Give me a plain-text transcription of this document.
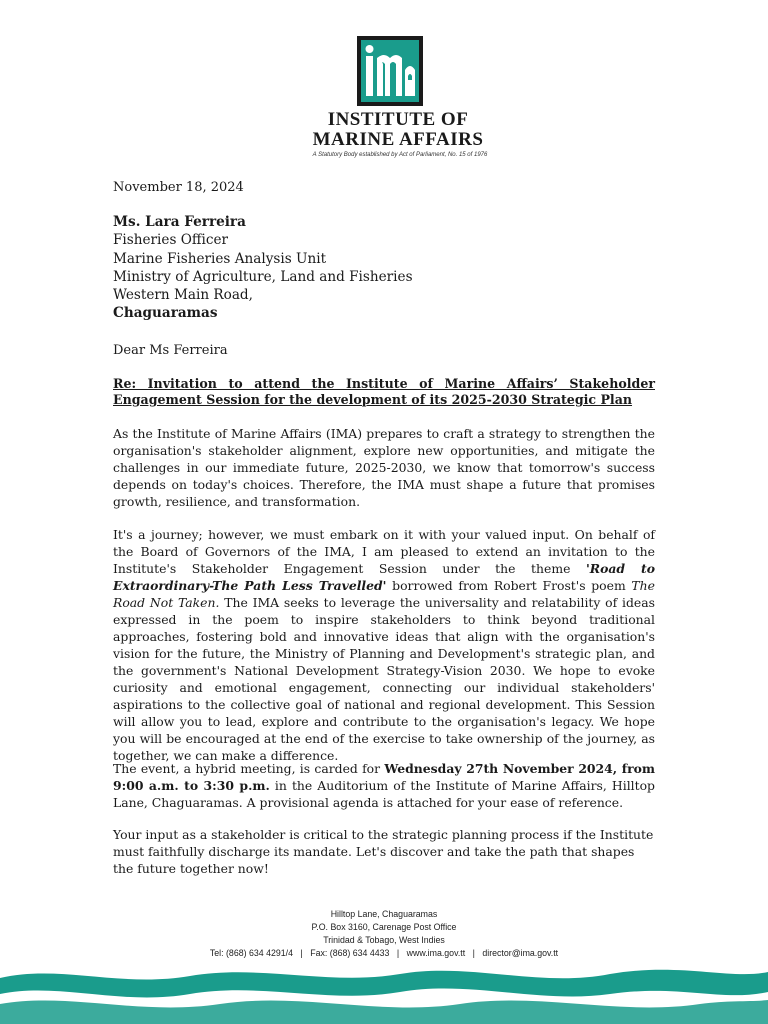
INSTITUTE OF
MARINE AFFAIRS
A Statutory Body established by Act of Parliament, No. 15 of 1976
November 18, 2024
Ms. Lara Ferreira
Fisheries Officer
Marine Fisheries Analysis Unit
Ministry of Agriculture, Land and Fisheries
Western Main Road,
Chaguaramas
Dear Ms Ferreira
Re: Invitation to attend the Institute of Marine Affairs’ Stakeholder Engagement Session for the development of its 2025-2030 Strategic Plan

As the Institute of Marine Affairs (IMA) prepares to craft a strategy to strengthen the organisation's stakeholder alignment, explore new opportunities, and mitigate the challenges in our immediate future, 2025-2030, we know that tomorrow's success depends on today's choices. Therefore, the IMA must shape a future that promises growth, resilience, and transformation.

It's a journey; however, we must embark on it with your valued input. On behalf of the Board of Governors of the IMA, I am pleased to extend an invitation to the Institute's Stakeholder Engagement Session under the theme 'Road to Extraordinary-The Path Less Travelled' borrowed from Robert Frost's poem The Road Not Taken. The IMA seeks to leverage the universality and relatability of ideas expressed in the poem to inspire stakeholders to think beyond traditional approaches, fostering bold and innovative ideas that align with the organisation's vision for the future, the Ministry of Planning and Development's strategic plan, and the government's National Development Strategy-Vision 2030. We hope to evoke curiosity and emotional engagement, connecting our individual stakeholders' aspirations to the collective goal of national and regional development. This Session will allow you to lead, explore and contribute to the organisation's legacy. We hope you will be encouraged at the end of the exercise to take ownership of the journey, as together, we can make a difference.

The event, a hybrid meeting, is carded for Wednesday 27th November 2024, from 9:00 a.m. to 3:30 p.m. in the Auditorium of the Institute of Marine Affairs, Hilltop Lane, Chaguaramas. A provisional agenda is attached for your ease of reference.

Your input as a stakeholder is critical to the strategic planning process if the Institute must faithfully discharge its mandate. Let's discover and take the path that shapes the future together now!

Hilltop Lane, Chaguaramas
P.O. Box 3160, Carenage Post Office
Trinidad & Tobago, West Indies
Tel: (868) 634 4291/4 | Fax: (868) 634 4433 | www.ima.gov.tt | director@ima.gov.tt
